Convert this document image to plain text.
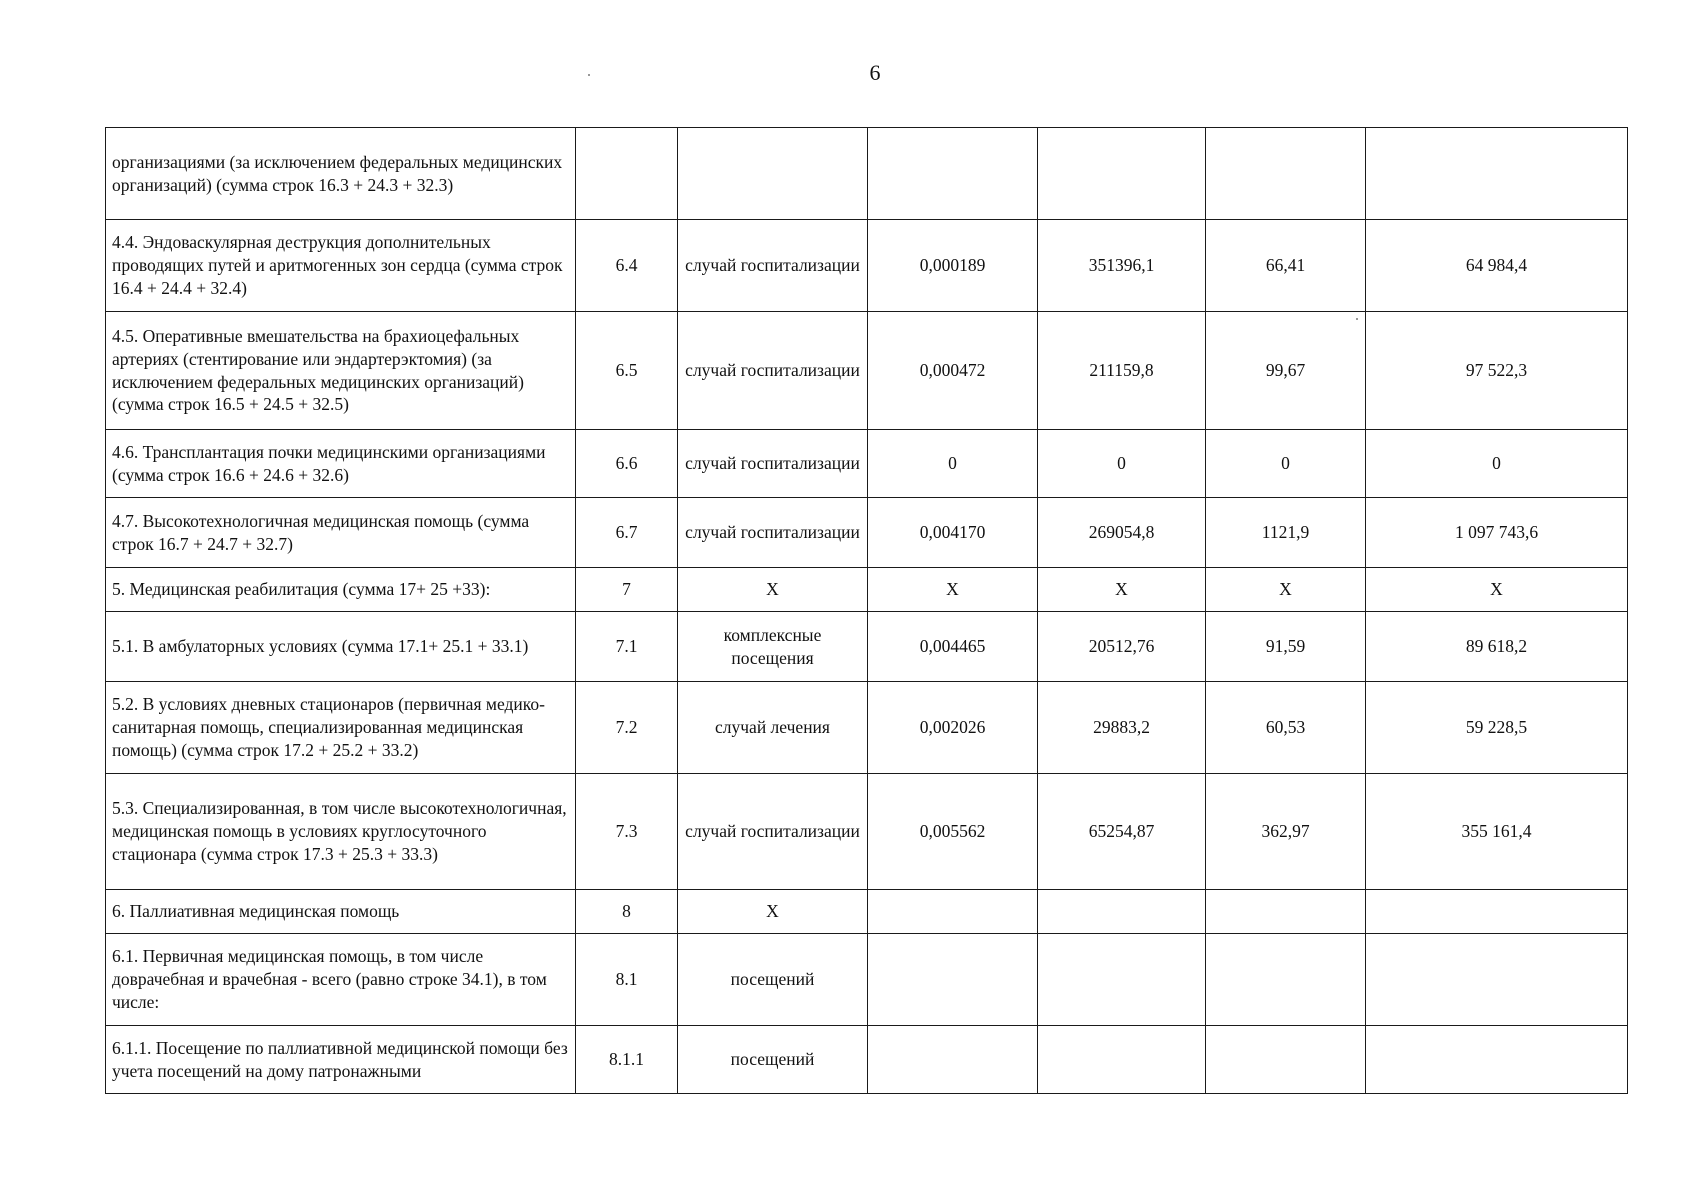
6
организациями (за исключением федеральных медицинских организаций) (сумма строк 16.3 + 24.3 + 32.3)						
4.4. Эндоваскулярная деструкция дополнительных проводящих путей и аритмогенных зон сердца (сумма строк 16.4 + 24.4 + 32.4)	6.4	случай госпитализации	0,000189	351396,1	66,41	64 984,4
4.5. Оперативные вмешательства на брахиоцефальных артериях (стентирование или эндартерэктомия) (за исключением федеральных медицинских организаций) (сумма строк 16.5 + 24.5 + 32.5)	6.5	случай госпитализации	0,000472	211159,8	99,67	97 522,3
4.6. Трансплантация почки медицинскими организациями (сумма строк 16.6 + 24.6 + 32.6)	6.6	случай госпитализации	0	0	0	0
4.7. Высокотехнологичная медицинская помощь (сумма строк 16.7 + 24.7 + 32.7)	6.7	случай госпитализации	0,004170	269054,8	1121,9	1 097 743,6
5. Медицинская реабилитация (сумма 17+ 25 +33):	7	Х	Х	Х	Х	Х
5.1. В амбулаторных условиях (сумма 17.1+ 25.1 + 33.1)	7.1	комплексные посещения	0,004465	20512,76	91,59	89 618,2
5.2. В условиях дневных стационаров (первичная медико-санитарная помощь, специализированная медицинская помощь) (сумма строк 17.2 + 25.2 + 33.2)	7.2	случай лечения	0,002026	29883,2	60,53	59 228,5
5.3. Специализированная, в том числе высокотехнологичная, медицинская помощь в условиях круглосуточного стационара (сумма строк 17.3 + 25.3 + 33.3)	7.3	случай госпитализации	0,005562	65254,87	362,97	355 161,4
6. Паллиативная медицинская помощь	8	Х				
6.1. Первичная медицинская помощь, в том числе доврачебная и врачебная - всего (равно строке 34.1), в том числе:	8.1	посещений				
6.1.1. Посещение по паллиативной медицинской помощи без учета посещений на дому патронажными	8.1.1	посещений				
